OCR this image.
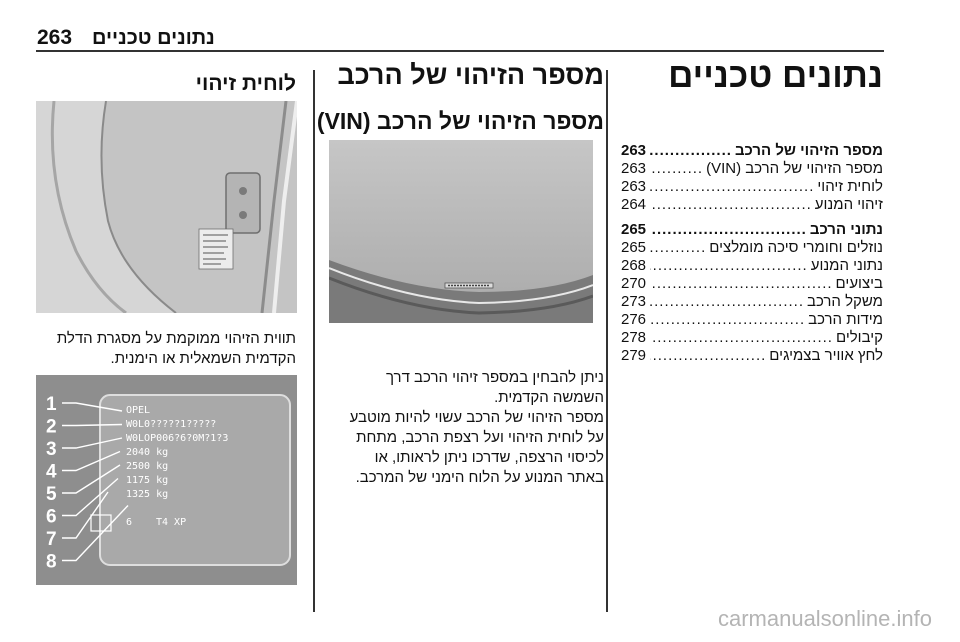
263 נתונים טכניים
נתונים טכניים
מספר הזיהוי של הרכב
.....
263
מספר הזיהוי של הרכב (VIN)
.....
263
לוחית זיהוי
.....
263
זיהוי המנוע
.....
264
נתוני הרכב
.....
265
נוזלים וחומרי סיכה מומלצים
.....
265
נתוני המנוע
.....
268
ביצועים
.....
270
משקל הרכב
.....
273
מידות הרכב
.....
276
קיבולים
.....
278
לחץ אוויר בצמיגים
.....
279
מספר הזיהוי של הרכב
מספר הזיהוי של הרכב (VIN)
ניתן להבחין במספר זיהוי הרכב דרך
השמשה הקדמית.
מספר הזיהוי של הרכב עשוי להיות מוטבע
על לוחית הזיהוי ועל רצפת הרכב, מתחת
לכיסוי הרצפה, שדרכו ניתן לראותו, או
באתר המנוע על הלוח הימני של המרכב.
לוחית זיהוי
תווית הזיהוי ממוקמת על מסגרת הדלת
הקדמית השמאלית או הימנית.
1
2
3
4
5
6
7
8
OPEL
W0L0?????1?????
W0LOP006?6?0M?1?3
2040 kg
2500 kg
1175 kg
1325 kg
6 T4 XP
carmanualsonline.info
